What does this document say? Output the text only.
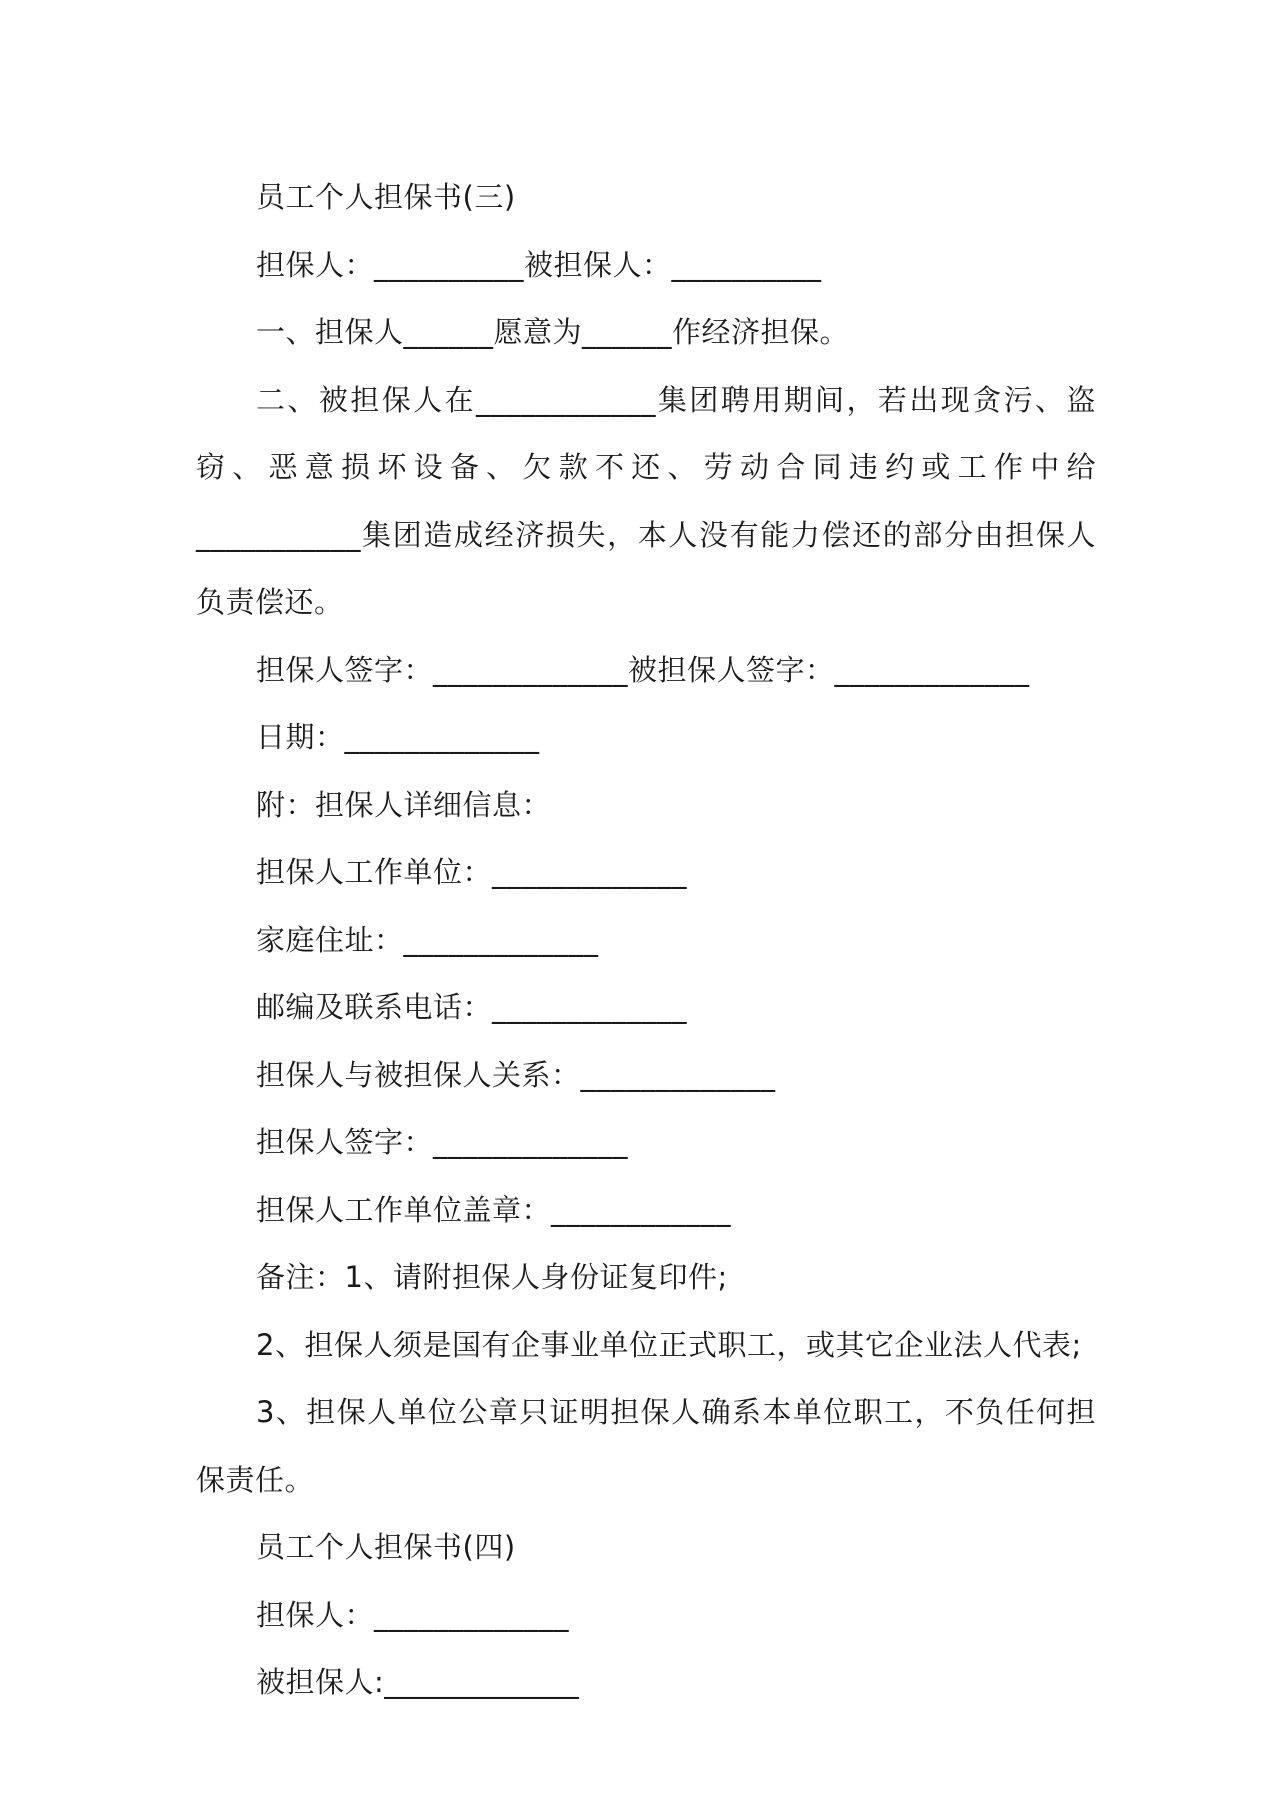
员工个人担保书(三)

担保人：__________被担保人：__________

一、担保人______愿意为______作经济担保。

二、被担保人在____________集团聘用期间，若出现贪污、盗窃、恶意损坏设备、欠款不还、劳动合同违约或工作中给___________集团造成经济损失，本人没有能力偿还的部分由担保人负责偿还。

担保人签字：_____________被担保人签字：_____________

日期：_____________

附：担保人详细信息：

担保人工作单位：_____________

家庭住址：_____________

邮编及联系电话：_____________

担保人与被担保人关系：_____________

担保人签字：_____________

担保人工作单位盖章：____________

备注：1、请附担保人身份证复印件;

2、担保人须是国有企事业单位正式职工，或其它企业法人代表;

3、担保人单位公章只证明担保人确系本单位职工，不负任何担保责任。

员工个人担保书(四)

担保人：_____________

被担保人:_____________
